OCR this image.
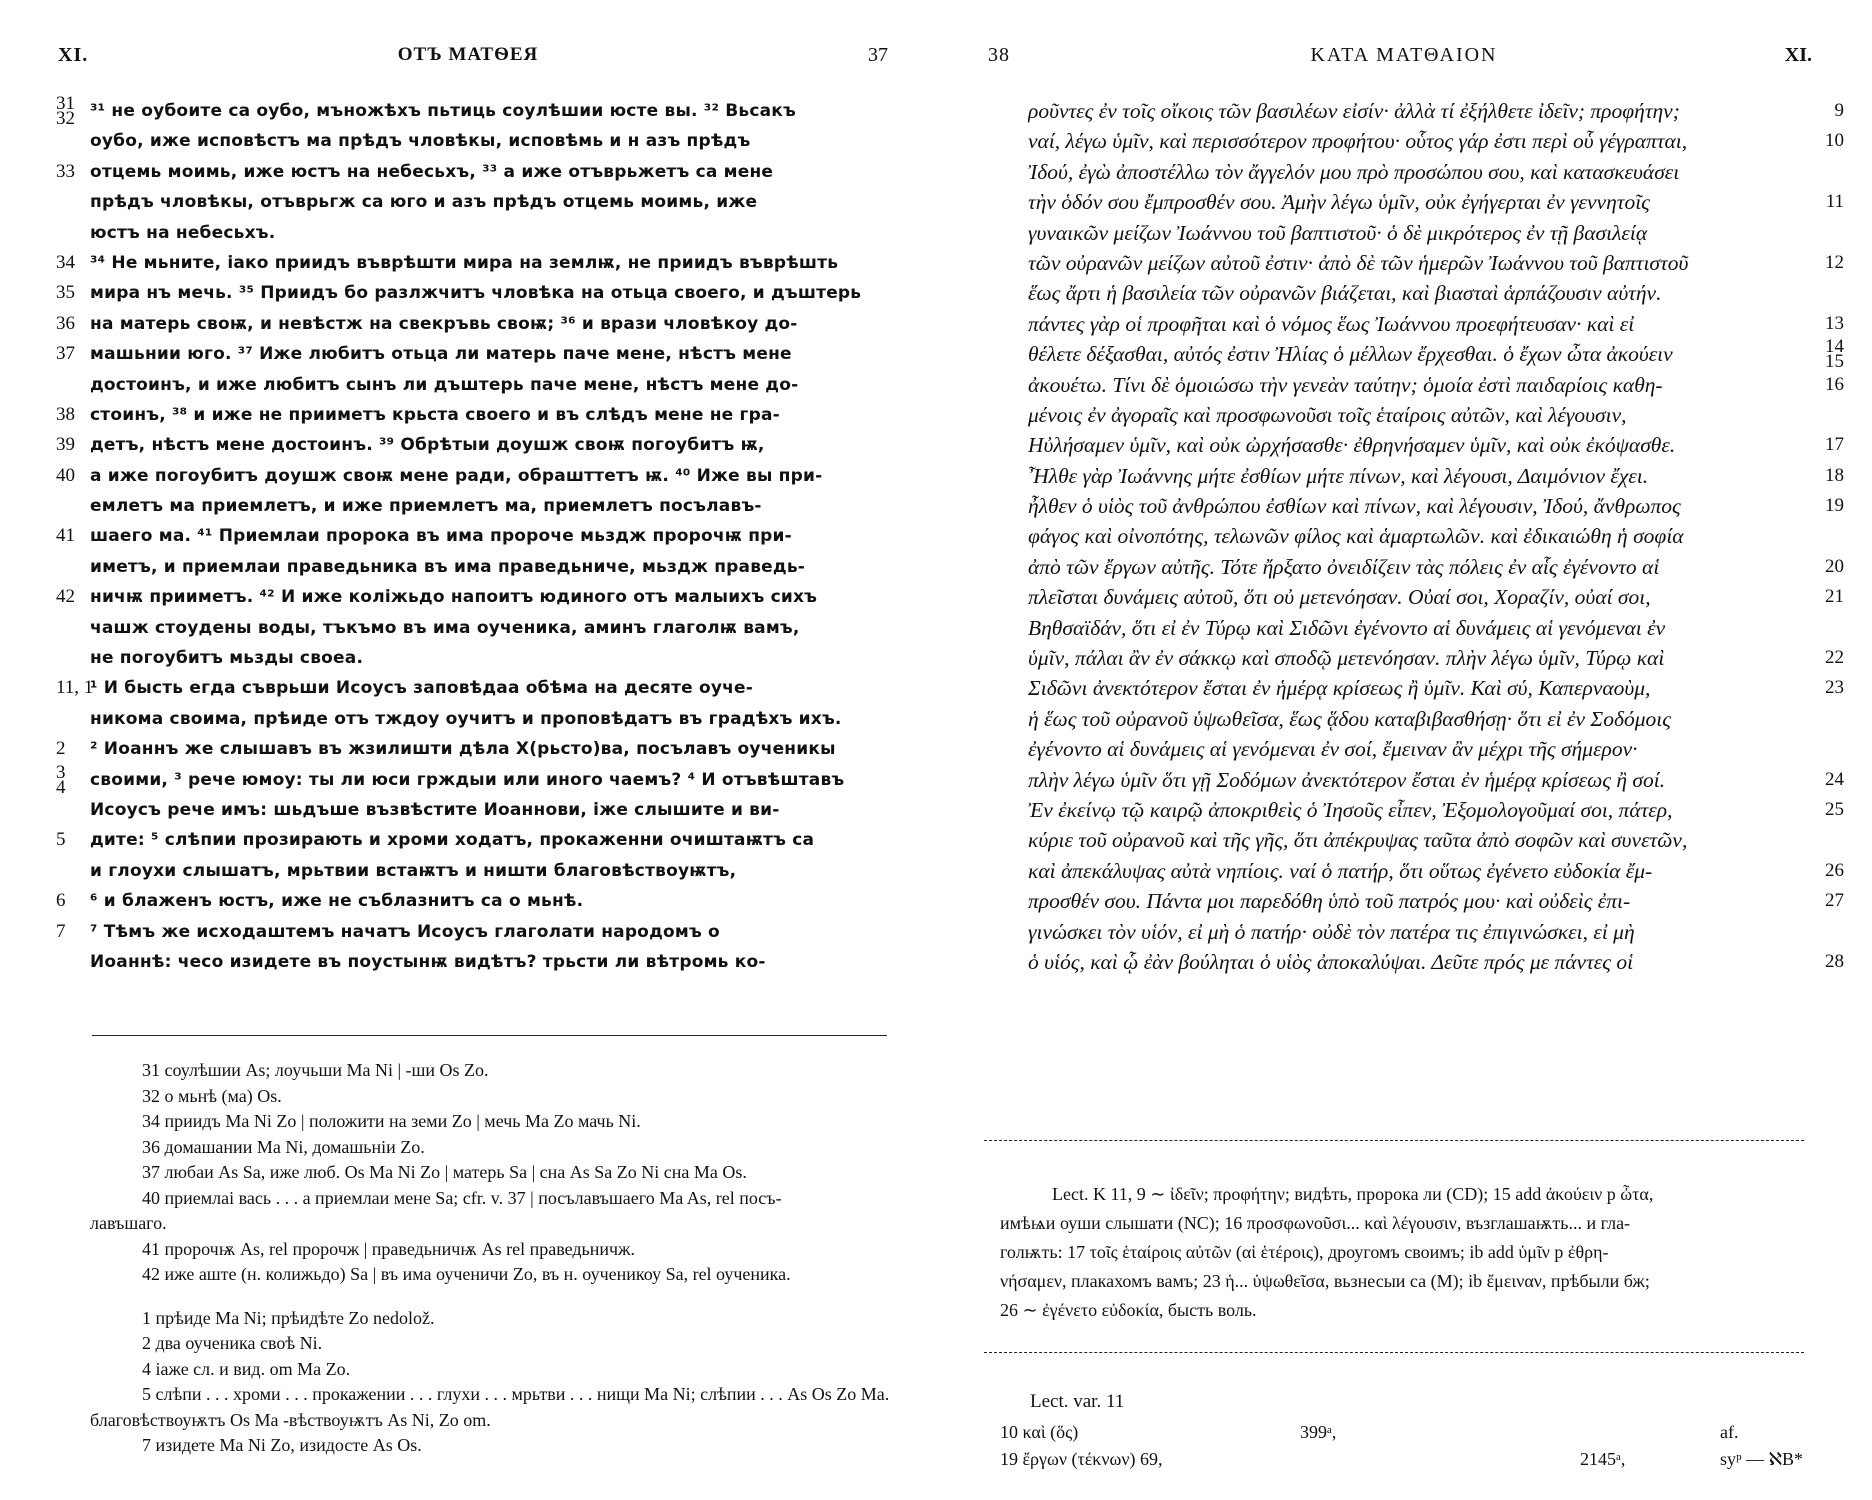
XI.	ОТЪ МАТѲЕЯ	37
31
32 ³¹ не оубоите са оубо, мъножѣхъ пьтиць соулѣшии юсте вы. ³² Вьсакъ
оубо, иже исповѣстъ ма прѣдъ чловѣкы, исповѣмь и н азъ прѣдъ
33 отцемь моимь, иже юстъ на небесьхъ, ³³ а иже отъврьжетъ са мене
прѣдъ чловѣкы, отъврьгж са юго и азъ прѣдъ отцемь моимь, иже
юстъ на небесьхъ.
34 ³⁴ Не мьните, іако приидъ въврѣшти мира на землѭ, не приидъ въврѣшть
35 мира нъ мечь. ³⁵ Приидъ бо разлжчитъ чловѣка на отьца своего, и дъштерь
36 на матерь своѭ, и невѣстж на свекръвь своѭ; ³⁶ и врази чловѣкоу до-
37 машьнии юго. ³⁷ Иже любитъ отьца ли матерь паче мене, нѣстъ мене
достоинъ, и иже любитъ сынъ ли дъштерь паче мене, нѣстъ мене до-
38 стоинъ, ³⁸ и иже не приимeтъ крьста своего и въ слѣдъ мене не гра-
39 детъ, нѣстъ мене достоинъ. ³⁹ Обрѣтыи доушж своѭ погоубитъ ѭ,
40 а иже погоубитъ доушж своѭ мене ради, обрашттетъ ѭ. ⁴⁰ Иже вы при-
емлетъ ма приемлетъ, и иже приемлетъ ма, приемлетъ посълавъ-
41 шаего ма. ⁴¹ Приемлаи пророка въ има пророче мьздж пророчѭ при-
иметъ, и приемлаи праведьника въ има праведьниче, мьздж праведь-
42 ничѭ приимeтъ. ⁴² И иже коліжьдо напоитъ юдиного отъ малыихъ сихъ
чашж стоудены воды, тъкъмо въ има оученика, аминъ глаголѭ вамъ,
не погоубитъ мьзды своеа.
11, 1
¹ И бысть егда съврьши Исоусъ заповѣдаа обѣма на десяте оуче-
никома своима, прѣиде отъ тждоу оучитъ и проповѣдатъ въ градѣхъ ихъ.
2 ² Иоаннъ же слышавъ въ жзилишти дѣла Х(рьсто)ва, посълавъ оученикы
3
4 своими, ³ рече юмоу: ты ли юси грждыи или иного чаемъ? ⁴ И отъвѣштавъ
Исоусъ рече имъ: шьдъше възвѣстите Иоаннови, іже слышите и ви-
5 дите: ⁵ слѣпии прозирають и хроми ходатъ, прокаженни очиштаѭтъ са
и глоухи слышатъ, мрьтвии встаѭтъ и ништи благовѣствоуѭтъ,
6 ⁶ и блаженъ юстъ, иже не съблазнитъ са о мьнѣ.
7 ⁷ Тѣмъ же исходаштемъ начатъ Исоусъ глаголати народомъ о
Иоаннѣ: чесо изидете въ поустынѭ видѣтъ? трьсти ли вѣтромь ко-
31 соулѣшии As; лоучьши Ma Ni | -ши Os Zo.
32 о мьнѣ (ма) Os.
34 приидъ Ma Ni Zo | положити на земи Zo | мечь Ma Zo мачь Ni.
36 домашании Ma Ni, домашьніи Zo.
37 любаи As Sa, иже люб. Os Ma Ni Zo | матерь Sa | сна As Sa Zo Ni сна Ma Os.
40 приемлаі вась . . . а приемлаи мене Sa; cfr. v. 37 | посълавъшаего Ma As, rel посъ-
лавъшаго.
41 пророчѭ As, rel пророчж | праведьничѭ As rel праведьничж.
42 иже аште (н. колижьдо) Sa | въ има оученичи Zo, въ н. оученикоу Sa, rel оученика.
1 прѣиде Ma Ni; прѣидѣте Zo nedolož.
2 два оученика своѣ Ni.
4 іаже сл. и вид. om Ma Zo.
5 слѣпи . . . хроми . . . прокажении . . . глухи . . . мрьтви . . . нищи Ma Ni; слѣпии . . . As Os Zo Ma.
благовѣствоуѭтъ Os Ma -вѣствоуѭтъ As Ni, Zo om.
7 изидете Ma Ni Zo, изидосте As Os.
38	ΚΑΤΑ ΜΑΤΘΑΙΟΝ	XI.
9
ροῦντες ἐν τοῖς οἴκοις τῶν βασιλέων εἰσίν· ἀλλὰ τί ἐξήλθετε ἰδεῖν; προφήτην;
10
ναί, λέγω ὑμῖν, καὶ περισσότερον προφήτου· οὗτος γάρ ἐστι περὶ οὗ γέγραπται,
Ἰδού, ἐγὼ ἀποστέλλω τὸν ἄγγελόν μου πρὸ προσώπου σου, καὶ κατασκευάσει
11
τὴν ὁδόν σου ἔμπροσθέν σου. Ἀμὴν λέγω ὑμῖν, οὐκ ἐγήγερται ἐν γεννητοῖς
γυναικῶν μείζων Ἰωάννου τοῦ βαπτιστοῦ· ὁ δὲ μικρότερος ἐν τῇ βασιλείᾳ
12
τῶν οὐρανῶν μείζων αὐτοῦ ἐστιν· ἀπὸ δὲ τῶν ἡμερῶν Ἰωάννου τοῦ βαπτιστοῦ
ἕως ἄρτι ἡ βασιλεία τῶν οὐρανῶν βιάζεται, καὶ βιασταὶ ἁρπάζουσιν αὐτήν.
13
πάντες γὰρ οἱ προφῆται καὶ ὁ νόμος ἕως Ἰωάννου προεφήτευσαν· καὶ εἰ
14
15
θέλετε δέξασθαι, αὐτός ἐστιν Ἠλίας ὁ μέλλων ἔρχεσθαι. ὁ ἔχων ὦτα ἀκούειν
16
ἀκουέτω. Τίνι δὲ ὁμοιώσω τὴν γενεὰν ταύτην; ὁμοία ἐστὶ παιδαρίοις καθη-
μένοις ἐν ἀγοραῖς καὶ προσφωνοῦσι τοῖς ἑταίροις αὐτῶν, καὶ λέγουσιν,
17
Ηὐλήσαμεν ὑμῖν, καὶ οὐκ ὠρχήσασθε· ἐθρηνήσαμεν ὑμῖν, καὶ οὐκ ἐκόψασθε.
18
Ἦλθε γὰρ Ἰωάννης μήτε ἐσθίων μήτε πίνων, καὶ λέγουσι, Δαιμόνιον ἔχει.
19
ἦλθεν ὁ υἱὸς τοῦ ἀνθρώπου ἐσθίων καὶ πίνων, καὶ λέγουσιν, Ἰδού, ἄνθρωπος
φάγος καὶ οἰνοπότης, τελωνῶν φίλος καὶ ἁμαρτωλῶν. καὶ ἐδικαιώθη ἡ σοφία
20
ἀπὸ τῶν ἔργων αὐτῆς. Τότε ἤρξατο ὀνειδίζειν τὰς πόλεις ἐν αἷς ἐγένοντο αἱ
21
πλεῖσται δυνάμεις αὐτοῦ, ὅτι οὐ μετενόησαν. Οὐαί σοι, Χοραζίν, οὐαί σοι,
Βηθσαϊδάν, ὅτι εἰ ἐν Τύρῳ καὶ Σιδῶνι ἐγένοντο αἱ δυνάμεις αἱ γενόμεναι ἐν
22
ὑμῖν, πάλαι ἂν ἐν σάκκῳ καὶ σποδῷ μετενόησαν. πλὴν λέγω ὑμῖν, Τύρῳ καὶ
23
Σιδῶνι ἀνεκτότερον ἔσται ἐν ἡμέρᾳ κρίσεως ἢ ὑμῖν. Καὶ σύ, Καπερναοὺμ,
ἡ ἕως τοῦ οὐρανοῦ ὑψωθεῖσα, ἕως ᾅδου καταβιβασθήσῃ· ὅτι εἰ ἐν Σοδόμοις
ἐγένοντο αἱ δυνάμεις αἱ γενόμεναι ἐν σοί, ἔμειναν ἂν μέχρι τῆς σήμερον·
24
πλὴν λέγω ὑμῖν ὅτι γῇ Σοδόμων ἀνεκτότερον ἔσται ἐν ἡμέρᾳ κρίσεως ἢ σοί.
25
Ἐν ἐκείνῳ τῷ καιρῷ ἀποκριθεὶς ὁ Ἰησοῦς εἶπεν, Ἐξομολογοῦμαί σοι, πάτερ,
κύριε τοῦ οὐρανοῦ καὶ τῆς γῆς, ὅτι ἀπέκρυψας ταῦτα ἀπὸ σοφῶν καὶ συνετῶν,
26
καὶ ἀπεκάλυψας αὐτὰ νηπίοις. ναί ὁ πατήρ, ὅτι οὕτως ἐγένετο εὐδοκία ἔμ-
27
προσθέν σου. Πάντα μοι παρεδόθη ὑπὸ τοῦ πατρός μου· καὶ οὐδεὶς ἐπι-
γινώσκει τὸν υἱόν, εἰ μὴ ὁ πατήρ· οὐδὲ τὸν πατέρα τις ἐπιγινώσκει, εἰ μὴ
28
ὁ υἱός, καὶ ᾧ ἐὰν βούληται ὁ υἱὸς ἀποκαλύψαι. Δεῦτε πρός με πάντες οἱ
Lect. K 11, 9 ∼ ἰδεῖν; προφήτην; видѣть, пророка ли (CD); 15 add ἀκούειν p ὦτα,
имѣѩи оуши слышати (NC); 16 προσφωνοῦσι... καὶ λέγουσιν, възглашаѭть... и гла-
голѭть: 17 τοῖς ἑταίροις αὐτῶν (αἱ ἑτέροις), дроугомъ своимъ; ib add ὑμῖν p ἐθρη-
νήσαμεν, плакахомъ вамъ; 23 ἡ... ὑψωθεῖσα, вьзнесыи са (M); ib ἔμειναν, прѣбыли бж;
26 ∼ ἐγένετο εὐδοκία, бысть воль.
Lect. var. 11
10 καὶ (ὅς)	399ᵃ,	af.
19 ἔργων (τέκνων) 69,	2145ᵃ,	syᵖ — ℵB*
